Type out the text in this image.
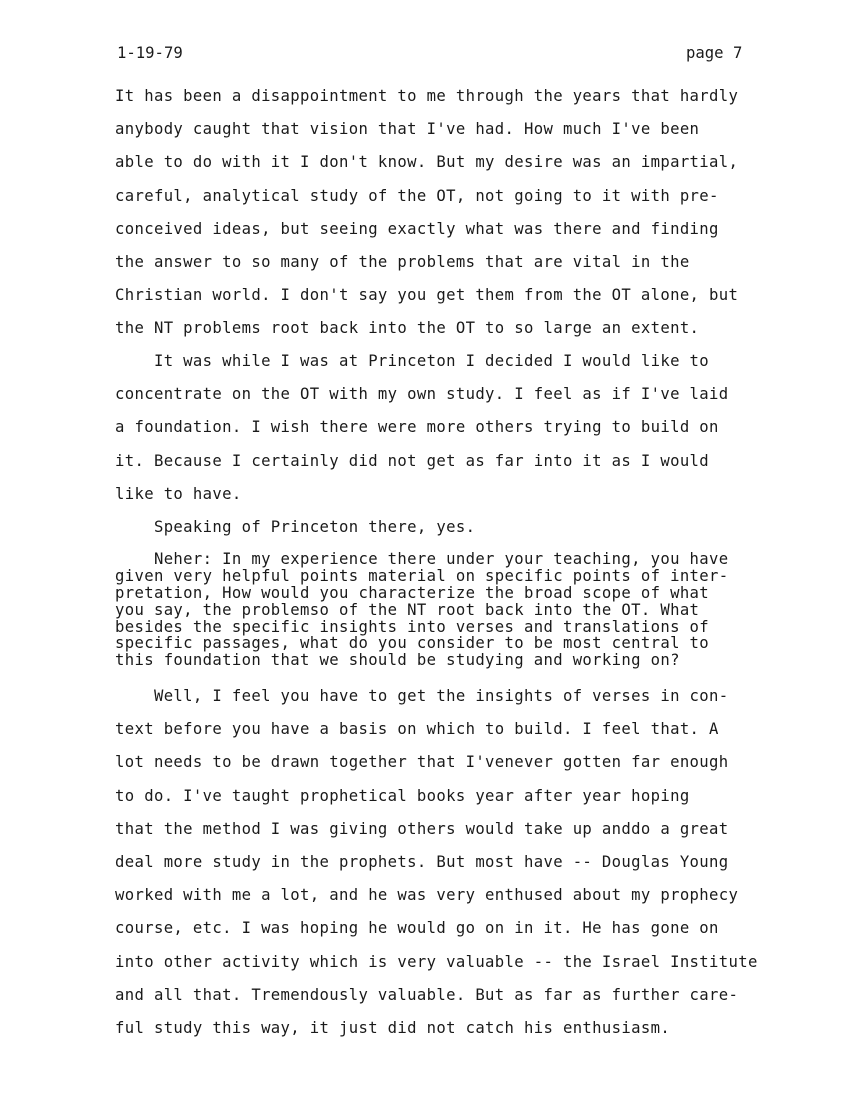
1-19-79	page 7
It has been a disappointment to me through the years that hardly
anybody caught that vision that I've had. How much I've been
able to do with it I don't know. But my desire was an impartial,
careful, analytical study of the OT, not going to it with pre-
conceived ideas, but seeing exactly what was there and finding
the answer to so many of the problems that are vital in the
Christian world. I don't say you get them from the OT alone, but
the NT problems root back into the OT to so large an extent.
It was while I was at Princeton I decided I would like to
concentrate on the OT with my own study. I feel as if I've laid
a foundation. I wish there were more others trying to build on
it. Because I certainly did not get as far into it as I would
like to have.
Speaking of Princeton there, yes.
Neher: In my experience there under your teaching, you have
given very helpful points material on specific points of inter-
pretation, How would you characterize the broad scope of what
you say, the problemso of the NT root back into the OT. What
besides the specific insights into verses and translations of
specific passages, what do you consider to be most central to
this foundation that we should be studying and working on?
Well, I feel you have to get the insights of verses in con-
text before you have a basis on which to build. I feel that. A
lot needs to be drawn together that I'venever gotten far enough
to do. I've taught prophetical books year after year hoping
that the method I was giving others would take up anddo a great
deal more study in the prophets. But most have -- Douglas Young
worked with me a lot, and he was very enthused about my prophecy
course, etc. I was hoping he would go on in it. He has gone on
into other activity which is very valuable -- the Israel Institute
and all that. Tremendously valuable. But as far as further care-
ful study this way, it just did not catch his enthusiasm.
